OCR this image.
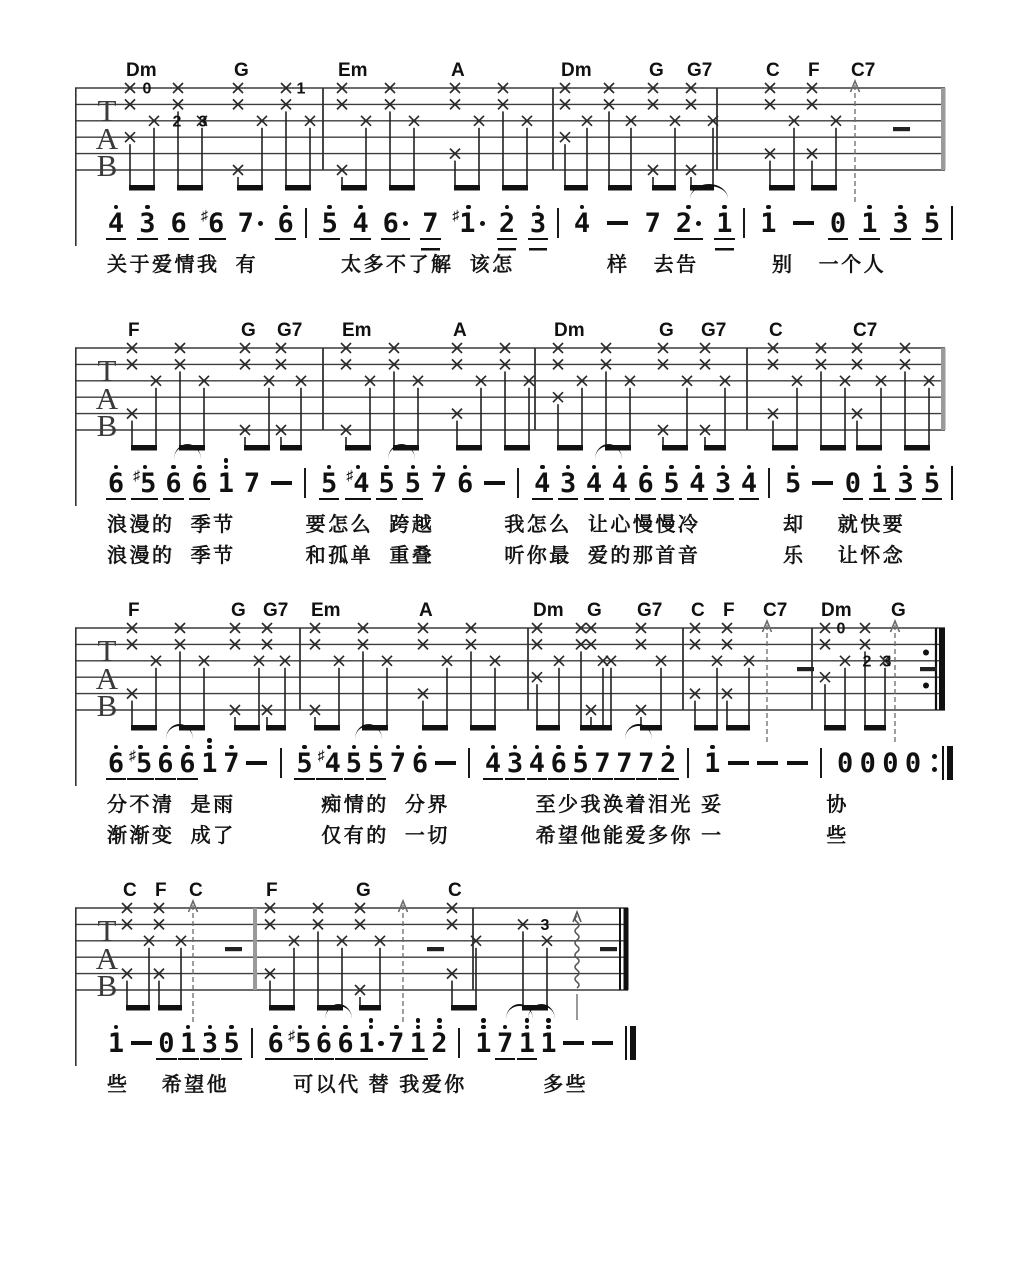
T
A
B
Dm	G	Em	A	Dm	G G7	C F C7
0
2 3
1
4 3 6 ♯ 6 7 6 5 4 6 7 ♯ 1 2 3 4 7 2 1 1 0 1 3 5
关于爱情我  有	太多不了解  该怎	样   去告	别   一个人
T
A
B
F	G G7 Em	A	Dm	G G7 C	C7
6 ♯ 5 6 6 1 7 5 ♯ 4 5 5 7 6 4 3 4 4 6 5 4 3 4 5 0 1 3 5
浪漫的  季节	要怎么  跨越	我怎么  让心慢慢冷	却    就快要
浪漫的  季节	和孤单  重叠	听你最  爱的那首音	乐    让怀念
T
A
B
F	G G7 Em	A	Dm G G7 C F C7 Dm G
0
2 3
6 ♯ 5 6 6 1 7 5 ♯ 4 5 5 7 6 4 3 4 6 5 7 7 7 2 1	0 0 0 0
分不清  是雨	痴情的  分界	至少我涣着泪光 妥	协
渐渐变  成了	仅有的  一切	希望他能爱多你 一	些
T
A
B
C F C	F	G	C
3
1 0 1 3 5 6 ♯ 5 6 6 1 7 1 2 1 7 1 1
些    希望他	可以代 替 我爱你	多些
